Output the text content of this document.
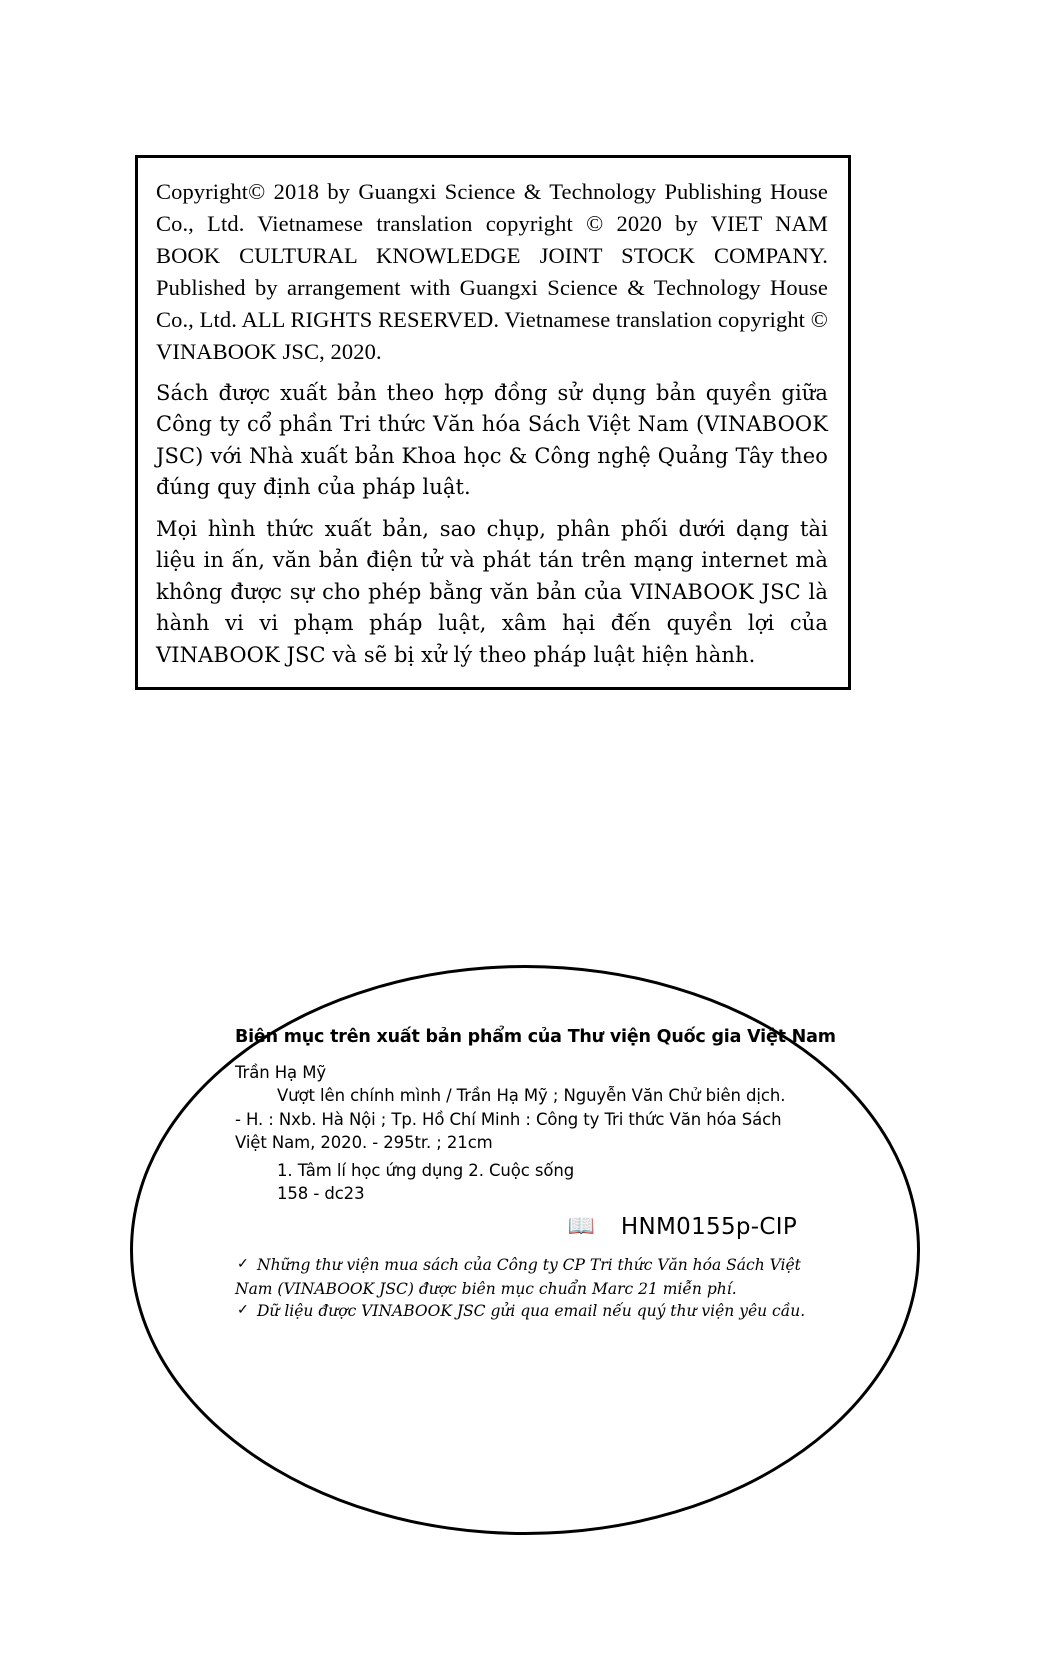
Copyright© 2018 by Guangxi Science & Technology Publishing House Co., Ltd. Vietnamese translation copyright © 2020 by VIET NAM BOOK CULTURAL KNOWLEDGE JOINT STOCK COMPANY. Published by arrangement with Guangxi Science & Technology House Co., Ltd. ALL RIGHTS RESERVED. Vietnamese translation copyright © VINABOOK JSC, 2020.

Sách được xuất bản theo hợp đồng sử dụng bản quyền giữa Công ty cổ phần Tri thức Văn hóa Sách Việt Nam (VINABOOK JSC) với Nhà xuất bản Khoa học & Công nghệ Quảng Tây theo đúng quy định của pháp luật.

Mọi hình thức xuất bản, sao chụp, phân phối dưới dạng tài liệu in ấn, văn bản điện tử và phát tán trên mạng internet mà không được sự cho phép bằng văn bản của VINABOOK JSC là hành vi vi phạm pháp luật, xâm hại đến quyền lợi của VINABOOK JSC và sẽ bị xử lý theo pháp luật hiện hành.

Biên mục trên xuất bản phẩm của Thư viện Quốc gia Việt Nam
Trần Hạ Mỹ
Vượt lên chính mình / Trần Hạ Mỹ ; Nguyễn Văn Chử biên dịch.
- H. : Nxb. Hà Nội ; Tp. Hồ Chí Minh : Công ty Tri thức Văn hóa Sách
Việt Nam, 2020. - 295tr. ; 21cm
1. Tâm lí học ứng dụng 2. Cuộc sống
158 - dc23
📖 HNM0155p-CIP
✓ Những thư viện mua sách của Công ty CP Tri thức Văn hóa Sách Việt
Nam (VINABOOK JSC) được biên mục chuẩn Marc 21 miễn phí.
✓ Dữ liệu được VINABOOK JSC gửi qua email nếu quý thư viện yêu cầu.
